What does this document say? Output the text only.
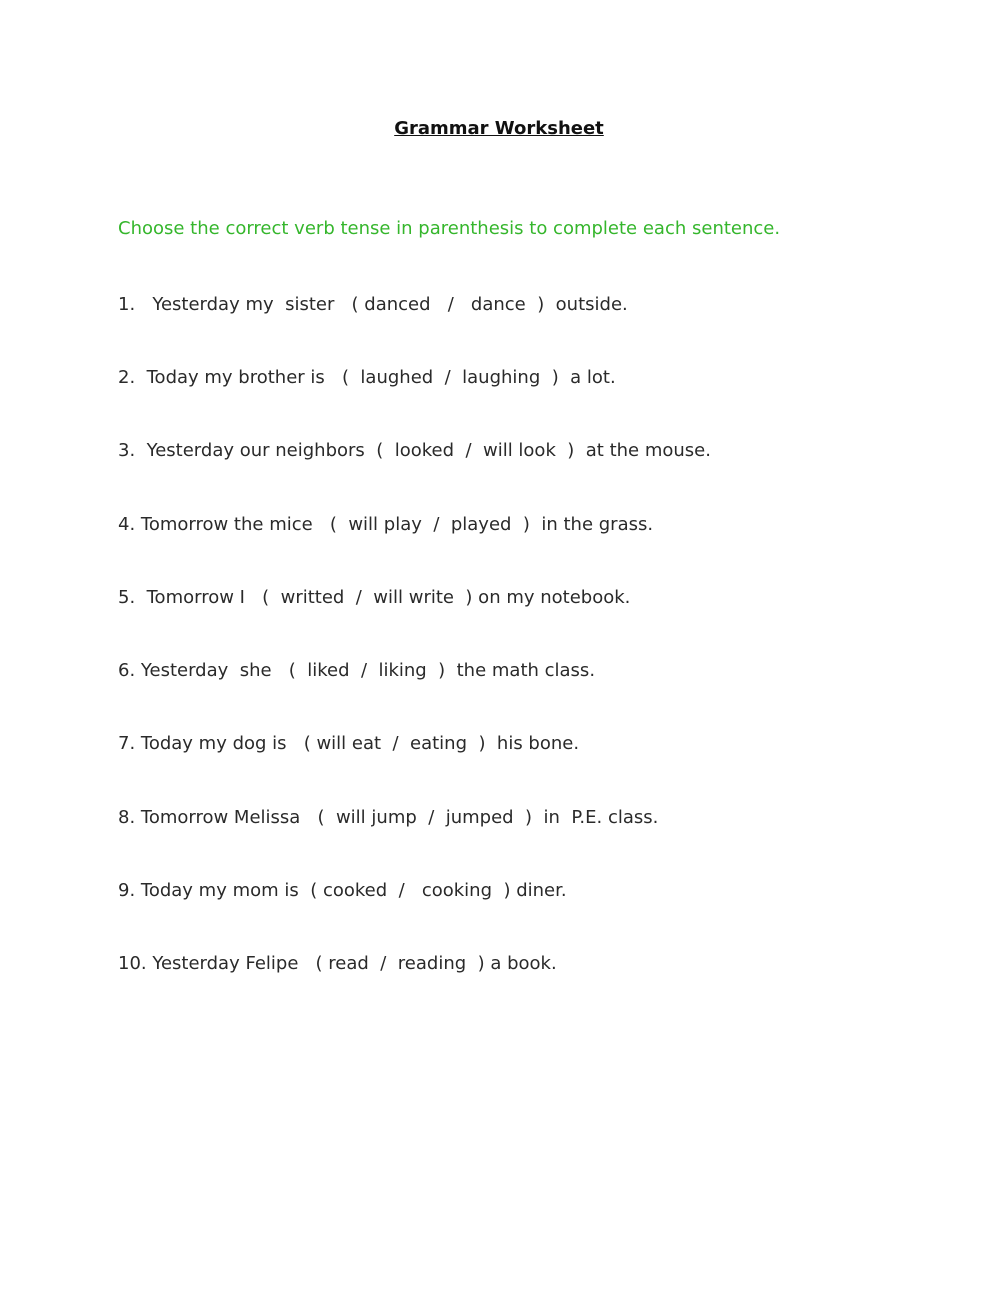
Grammar Worksheet
Choose the correct verb tense in parenthesis to complete each sentence.
1.   Yesterday my  sister   ( danced   /   dance  )  outside.
2.  Today my brother is   (  laughed  /  laughing  )  a lot.
3.  Yesterday our neighbors  (  looked  /  will look  )  at the mouse.
4. Tomorrow the mice   (  will play  /  played  )  in the grass.
5.  Tomorrow I   (  writted  /  will write  ) on my notebook.
6. Yesterday  she   (  liked  /  liking  )  the math class.
7. Today my dog is   ( will eat  /  eating  )  his bone.
8. Tomorrow Melissa   (  will jump  /  jumped  )  in  P.E. class.
9. Today my mom is  ( cooked  /   cooking  ) diner.
10. Yesterday Felipe   ( read  /  reading  ) a book.
